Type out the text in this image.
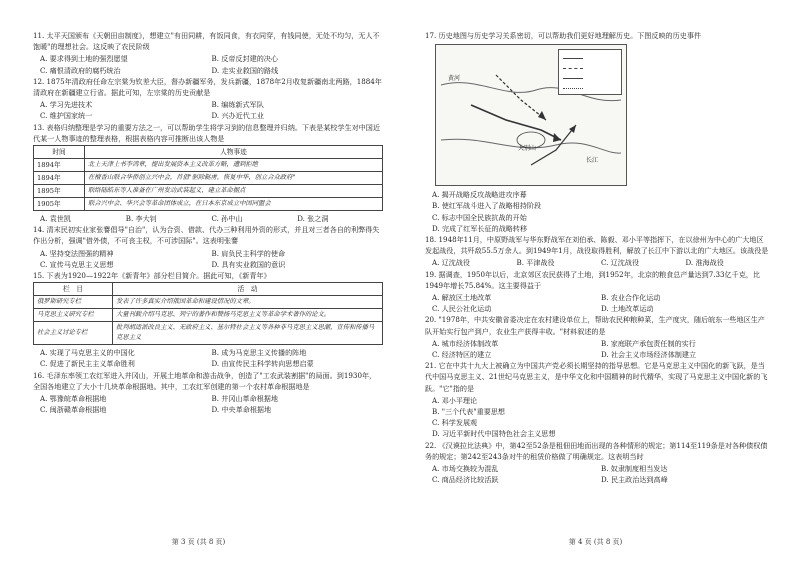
11. 太平天国颁布《天朝田亩制度》，想建立"有田同耕，有饭同食，有衣同穿，有钱同使，无处不均匀，无人不饱暖"的理想社会。这反映了农民阶级
A. 要求得到土地的强烈愿望	B. 反帝反封建的决心
C. 痛恨清政府的腐朽统治	D. 走实业救国的路线
12. 1875年清政府任命左宗棠为钦差大臣，督办新疆军务，发兵新疆，1878年2月收复新疆南北两路，1884年清政府在新疆建立行省。据此可知，左宗棠的历史贡献是
A. 学习先进技术	B. 编练新式军队
C. 维护国家统一	D. 兴办近代工业
13. 表格归纳整理是学习的重要方法之一，可以帮助学生将学习到的信息整理并归纳。下表是某校学生对中国近代某一人物事迹的整理表格，根据表格内容可推断出该人物是
时间	人物事迹
1894年	北上天津上书李鸿章，提出发展资本主义改革方略，遭到拒绝
1894年	在檀香山联合华侨创立兴中会，首倡"驱除鞑虏，恢复中华，创立合众政府"
1895年	联络陆皓东等人准备在广州发动武装起义，建立革命据点
1905年	联合兴中会、华兴会等革命团体成立，在日本东京成立中国同盟会
A. 袁世凯	B. 李大钊	C. 孙中山	D. 张之洞
14. 清末民初实业家张謇倡导"自治"，认为合资、借款、代办三种利用外资的形式，并且对三者各自的利弊得失作出分析，强调"借外债，不可丧主权，不可涉国际"。这表明张謇
A. 坚持变法图强的精神	B. 肩负民主科学的使命
C. 宣传马克思主义思想	D. 具有实业救国的意识
15. 下表为1920—1922年《新青年》部分栏目简介。据此可知，《新青年》
栏　目	活　动
俄罗斯研究专栏	发表了许多真实介绍俄国革命和建设情况的文章。
马克思主义研究专栏	大量刊载介绍马克思、列宁的著作和赞扬马克思主义等革命学术著作的论文。
社会主义讨论专栏	批判胡适派改良主义、无政府主义、基尔特社会主义等各种非马克思主义思潮，宣传和传播马克思主义
A. 实现了马克思主义的中国化	B. 成为马克思主义传播的阵地
C. 促进了新民主主义革命胜利	D. 由宣传民主科学转向思想启蒙
16. 毛泽东率领工农红军进入井冈山，开展土地革命和游击战争，创造了"工农武装割据"的局面。到1930年，全国各地建立了大小十几块革命根据地。其中，工农红军创建的第一个农村革命根据地是
A. 鄂豫皖革命根据地	B. 井冈山革命根据地
C. 闽浙赣革命根据地	D. 中央革命根据地
第 3 页 (共 8 页)
17. 历史地图与历史学习关系密切，可以帮助我们更好地理解历史。下图反映的历史事件
大别山
长江
黄河
A. 揭开战略反攻战略进攻序幕
B. 使红军战斗进入了战略相持阶段
C. 标志中国全民族抗战的开始
D. 完成了红军长征的战略转移
18. 1948年11月，中原野战军与华东野战军在刘伯承、陈毅、邓小平等指挥下，在以徐州为中心的广大地区发起战役，共歼敌55.5万余人。到1949年1月，战役取得胜利，解放了长江中下游以北的广大地区。该战役是
A. 辽沈战役	B. 平津战役	C. 辽沈战役	D. 淮海战役
19. 据调查，1950年以后，北京郊区农民获得了土地，到1952年，北京的粮食总产量达到7.33亿千克，比1949年增长75.84%。这主要得益于
A. 解放区土地改革	B. 农业合作化运动
C. 人民公社化运动	D. 土地改革运动
20. "1978年，中共安徽省委决定在农村建设单位上，帮助农民种粮种菜，生产度灾，随后皖东一些地区生产队开始实行包产到户，农业生产获得丰收。"材料叙述的是
A. 城市经济体制改革	B. 家庭联产承包责任制的实行
C. 经济特区的建立	D. 社会主义市场经济体制建立
21. 它在中共十九大上被确立为中国共产党必须长期坚持的指导思想。它是马克思主义中国化的新飞跃，是当代中国马克思主义、21世纪马克思主义，是中华文化和中国精神的时代精华，实现了马克思主义中国化新的飞跃。"它"指的是
A. 邓小平理论
B. "三个代表"重要思想
C. 科学发展观
D. 习近平新时代中国特色社会主义思想
22. 《汉谟拉比法典》中，第42至52条是租佃田地而出现的各种情形的规定；第114至119条是对各种债权债务的规定；第242至243条对牛的租赁价格做了明确规定。这表明当时
A. 市场交换较为混乱	B. 奴隶制度相当发达
C. 商品经济比较活跃	D. 民主政治达到高峰
第 4 页 (共 8 页)
